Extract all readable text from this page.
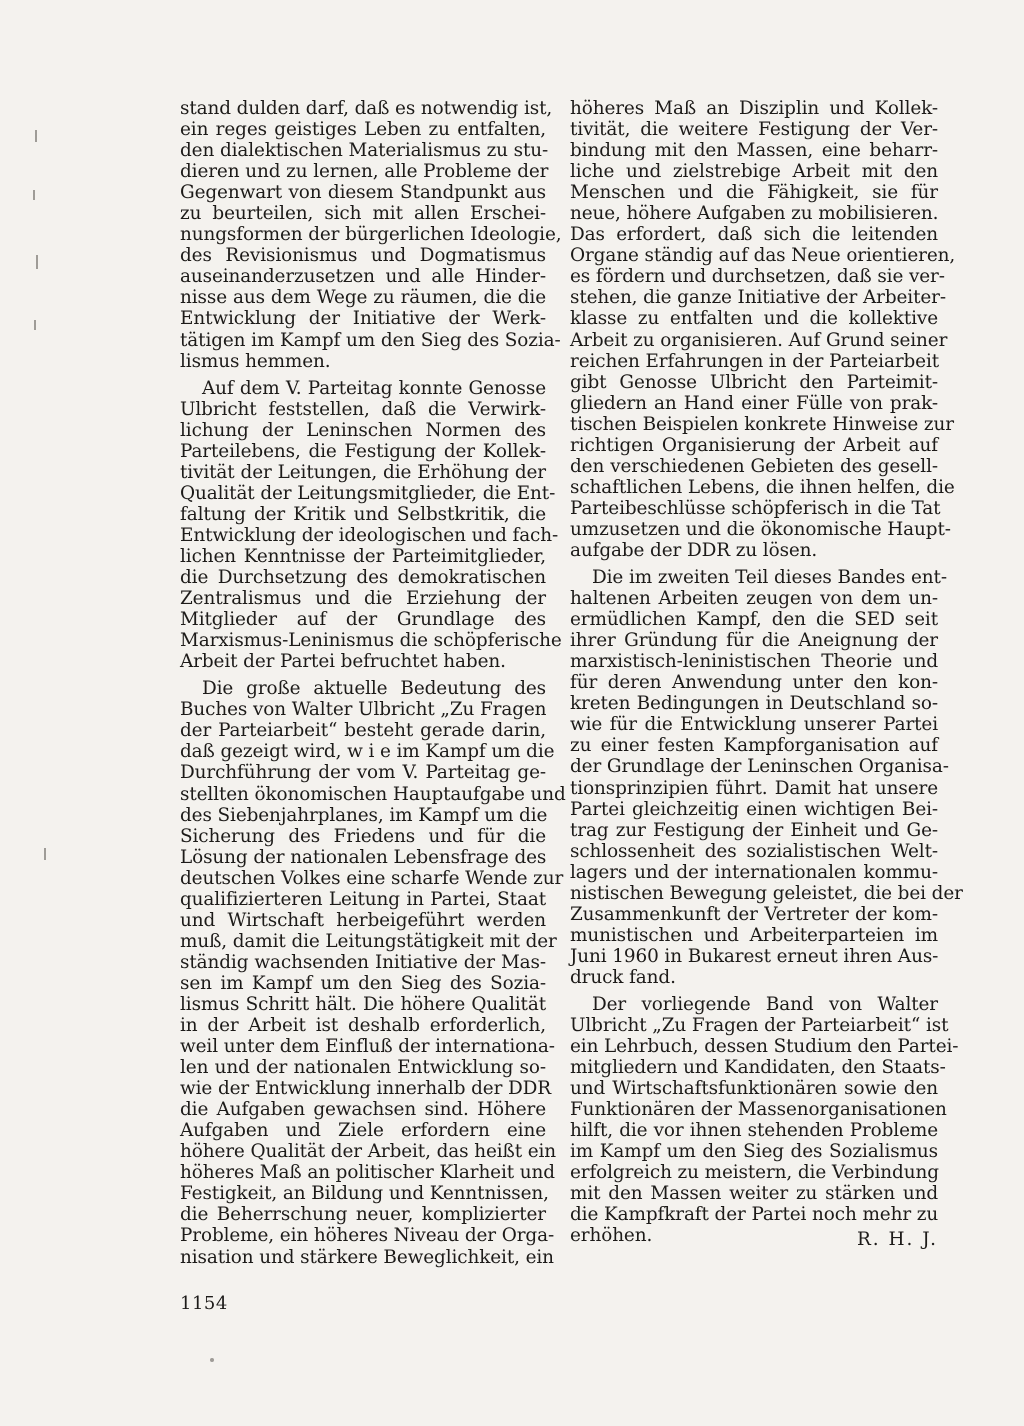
stand dulden darf, daß es notwendig ist,
ein reges geistiges Leben zu entfalten,
den dialektischen Materialismus zu stu-
dieren und zu lernen, alle Probleme der
Gegenwart von diesem Standpunkt aus
zu beurteilen, sich mit allen Erschei-
nungsformen der bürgerlichen Ideologie,
des Revisionismus und Dogmatismus
auseinanderzusetzen und alle Hinder-
nisse aus dem Wege zu räumen, die die
Entwicklung der Initiative der Werk-
tätigen im Kampf um den Sieg des Sozia-
lismus hemmen.
Auf dem V. Parteitag konnte Genosse
Ulbricht feststellen, daß die Verwirk-
lichung der Leninschen Normen des
Parteilebens, die Festigung der Kollek-
tivität der Leitungen, die Erhöhung der
Qualität der Leitungsmitglieder, die Ent-
faltung der Kritik und Selbstkritik, die
Entwicklung der ideologischen und fach-
lichen Kenntnisse der Parteimitglieder,
die Durchsetzung des demokratischen
Zentralismus und die Erziehung der
Mitglieder auf der Grundlage des
Marxismus-Leninismus die schöpferische
Arbeit der Partei befruchtet haben.
Die große aktuelle Bedeutung des
Buches von Walter Ulbricht „Zu Fragen
der Parteiarbeit“ besteht gerade darin,
daß gezeigt wird, w i e im Kampf um die
Durchführung der vom V. Parteitag ge-
stellten ökonomischen Hauptaufgabe und
des Siebenjahrplanes, im Kampf um die
Sicherung des Friedens und für die
Lösung der nationalen Lebensfrage des
deutschen Volkes eine scharfe Wende zur
qualifizierteren Leitung in Partei, Staat
und Wirtschaft herbeigeführt werden
muß, damit die Leitungstätigkeit mit der
ständig wachsenden Initiative der Mas-
sen im Kampf um den Sieg des Sozia-
lismus Schritt hält. Die höhere Qualität
in der Arbeit ist deshalb erforderlich,
weil unter dem Einfluß der internationa-
len und der nationalen Entwicklung so-
wie der Entwicklung innerhalb der DDR
die Aufgaben gewachsen sind. Höhere
Aufgaben und Ziele erfordern eine
höhere Qualität der Arbeit, das heißt ein
höheres Maß an politischer Klarheit und
Festigkeit, an Bildung und Kenntnissen,
die Beherrschung neuer, komplizierter
Probleme, ein höheres Niveau der Orga-
nisation und stärkere Beweglichkeit, ein
höheres Maß an Disziplin und Kollek-
tivität, die weitere Festigung der Ver-
bindung mit den Massen, eine beharr-
liche und zielstrebige Arbeit mit den
Menschen und die Fähigkeit, sie für
neue, höhere Aufgaben zu mobilisieren.
Das erfordert, daß sich die leitenden
Organe ständig auf das Neue orientieren,
es fördern und durchsetzen, daß sie ver-
stehen, die ganze Initiative der Arbeiter-
klasse zu entfalten und die kollektive
Arbeit zu organisieren. Auf Grund seiner
reichen Erfahrungen in der Parteiarbeit
gibt Genosse Ulbricht den Parteimit-
gliedern an Hand einer Fülle von prak-
tischen Beispielen konkrete Hinweise zur
richtigen Organisierung der Arbeit auf
den verschiedenen Gebieten des gesell-
schaftlichen Lebens, die ihnen helfen, die
Parteibeschlüsse schöpferisch in die Tat
umzusetzen und die ökonomische Haupt-
aufgabe der DDR zu lösen.
Die im zweiten Teil dieses Bandes ent-
haltenen Arbeiten zeugen von dem un-
ermüdlichen Kampf, den die SED seit
ihrer Gründung für die Aneignung der
marxistisch-leninistischen Theorie und
für deren Anwendung unter den kon-
kreten Bedingungen in Deutschland so-
wie für die Entwicklung unserer Partei
zu einer festen Kampforganisation auf
der Grundlage der Leninschen Organisa-
tionsprinzipien führt. Damit hat unsere
Partei gleichzeitig einen wichtigen Bei-
trag zur Festigung der Einheit und Ge-
schlossenheit des sozialistischen Welt-
lagers und der internationalen kommu-
nistischen Bewegung geleistet, die bei der
Zusammenkunft der Vertreter der kom-
munistischen und Arbeiterparteien im
Juni 1960 in Bukarest erneut ihren Aus-
druck fand.
Der vorliegende Band von Walter
Ulbricht „Zu Fragen der Parteiarbeit“ ist
ein Lehrbuch, dessen Studium den Partei-
mitgliedern und Kandidaten, den Staats-
und Wirtschaftsfunktionären sowie den
Funktionären der Massenorganisationen
hilft, die vor ihnen stehenden Probleme
im Kampf um den Sieg des Sozialismus
erfolgreich zu meistern, die Verbindung
mit den Massen weiter zu stärken und
die Kampfkraft der Partei noch mehr zu
erhöhen.	R. H. J.
1154
